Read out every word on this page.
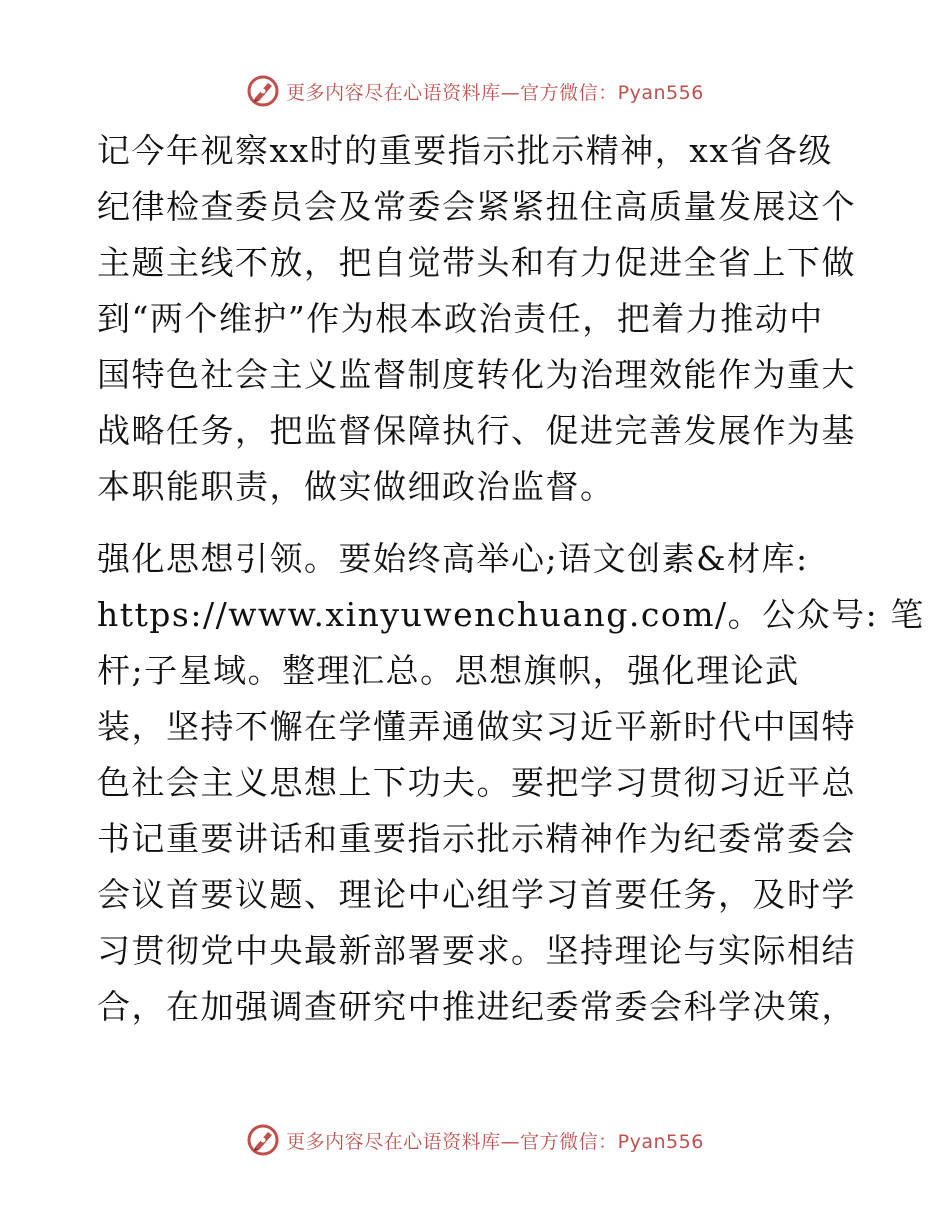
更多内容尽在心语资料库—官方微信：Pyan556
记今年视察xx时的重要指示批示精神，xx省各级
纪律检查委员会及常委会紧紧扭住高质量发展这个
主题主线不放，把自觉带头和有力促进全省上下做
到“两个维护”作为根本政治责任，把着力推动中
国特色社会主义监督制度转化为治理效能作为重大
战略任务，把监督保障执行、促进完善发展作为基
本职能职责，做实做细政治监督。
强化思想引领。要始终高举心;语文创素&材库:
https://www.xinyuwenchuang.com/。公众号: 笔
杆;子星域。整理汇总。思想旗帜，强化理论武
装，坚持不懈在学懂弄通做实习近平新时代中国特
色社会主义思想上下功夫。要把学习贯彻习近平总
书记重要讲话和重要指示批示精神作为纪委常委会
会议首要议题、理论中心组学习首要任务，及时学
习贯彻党中央最新部署要求。坚持理论与实际相结
合，在加强调查研究中推进纪委常委会科学决策，
更多内容尽在心语资料库—官方微信：Pyan556
